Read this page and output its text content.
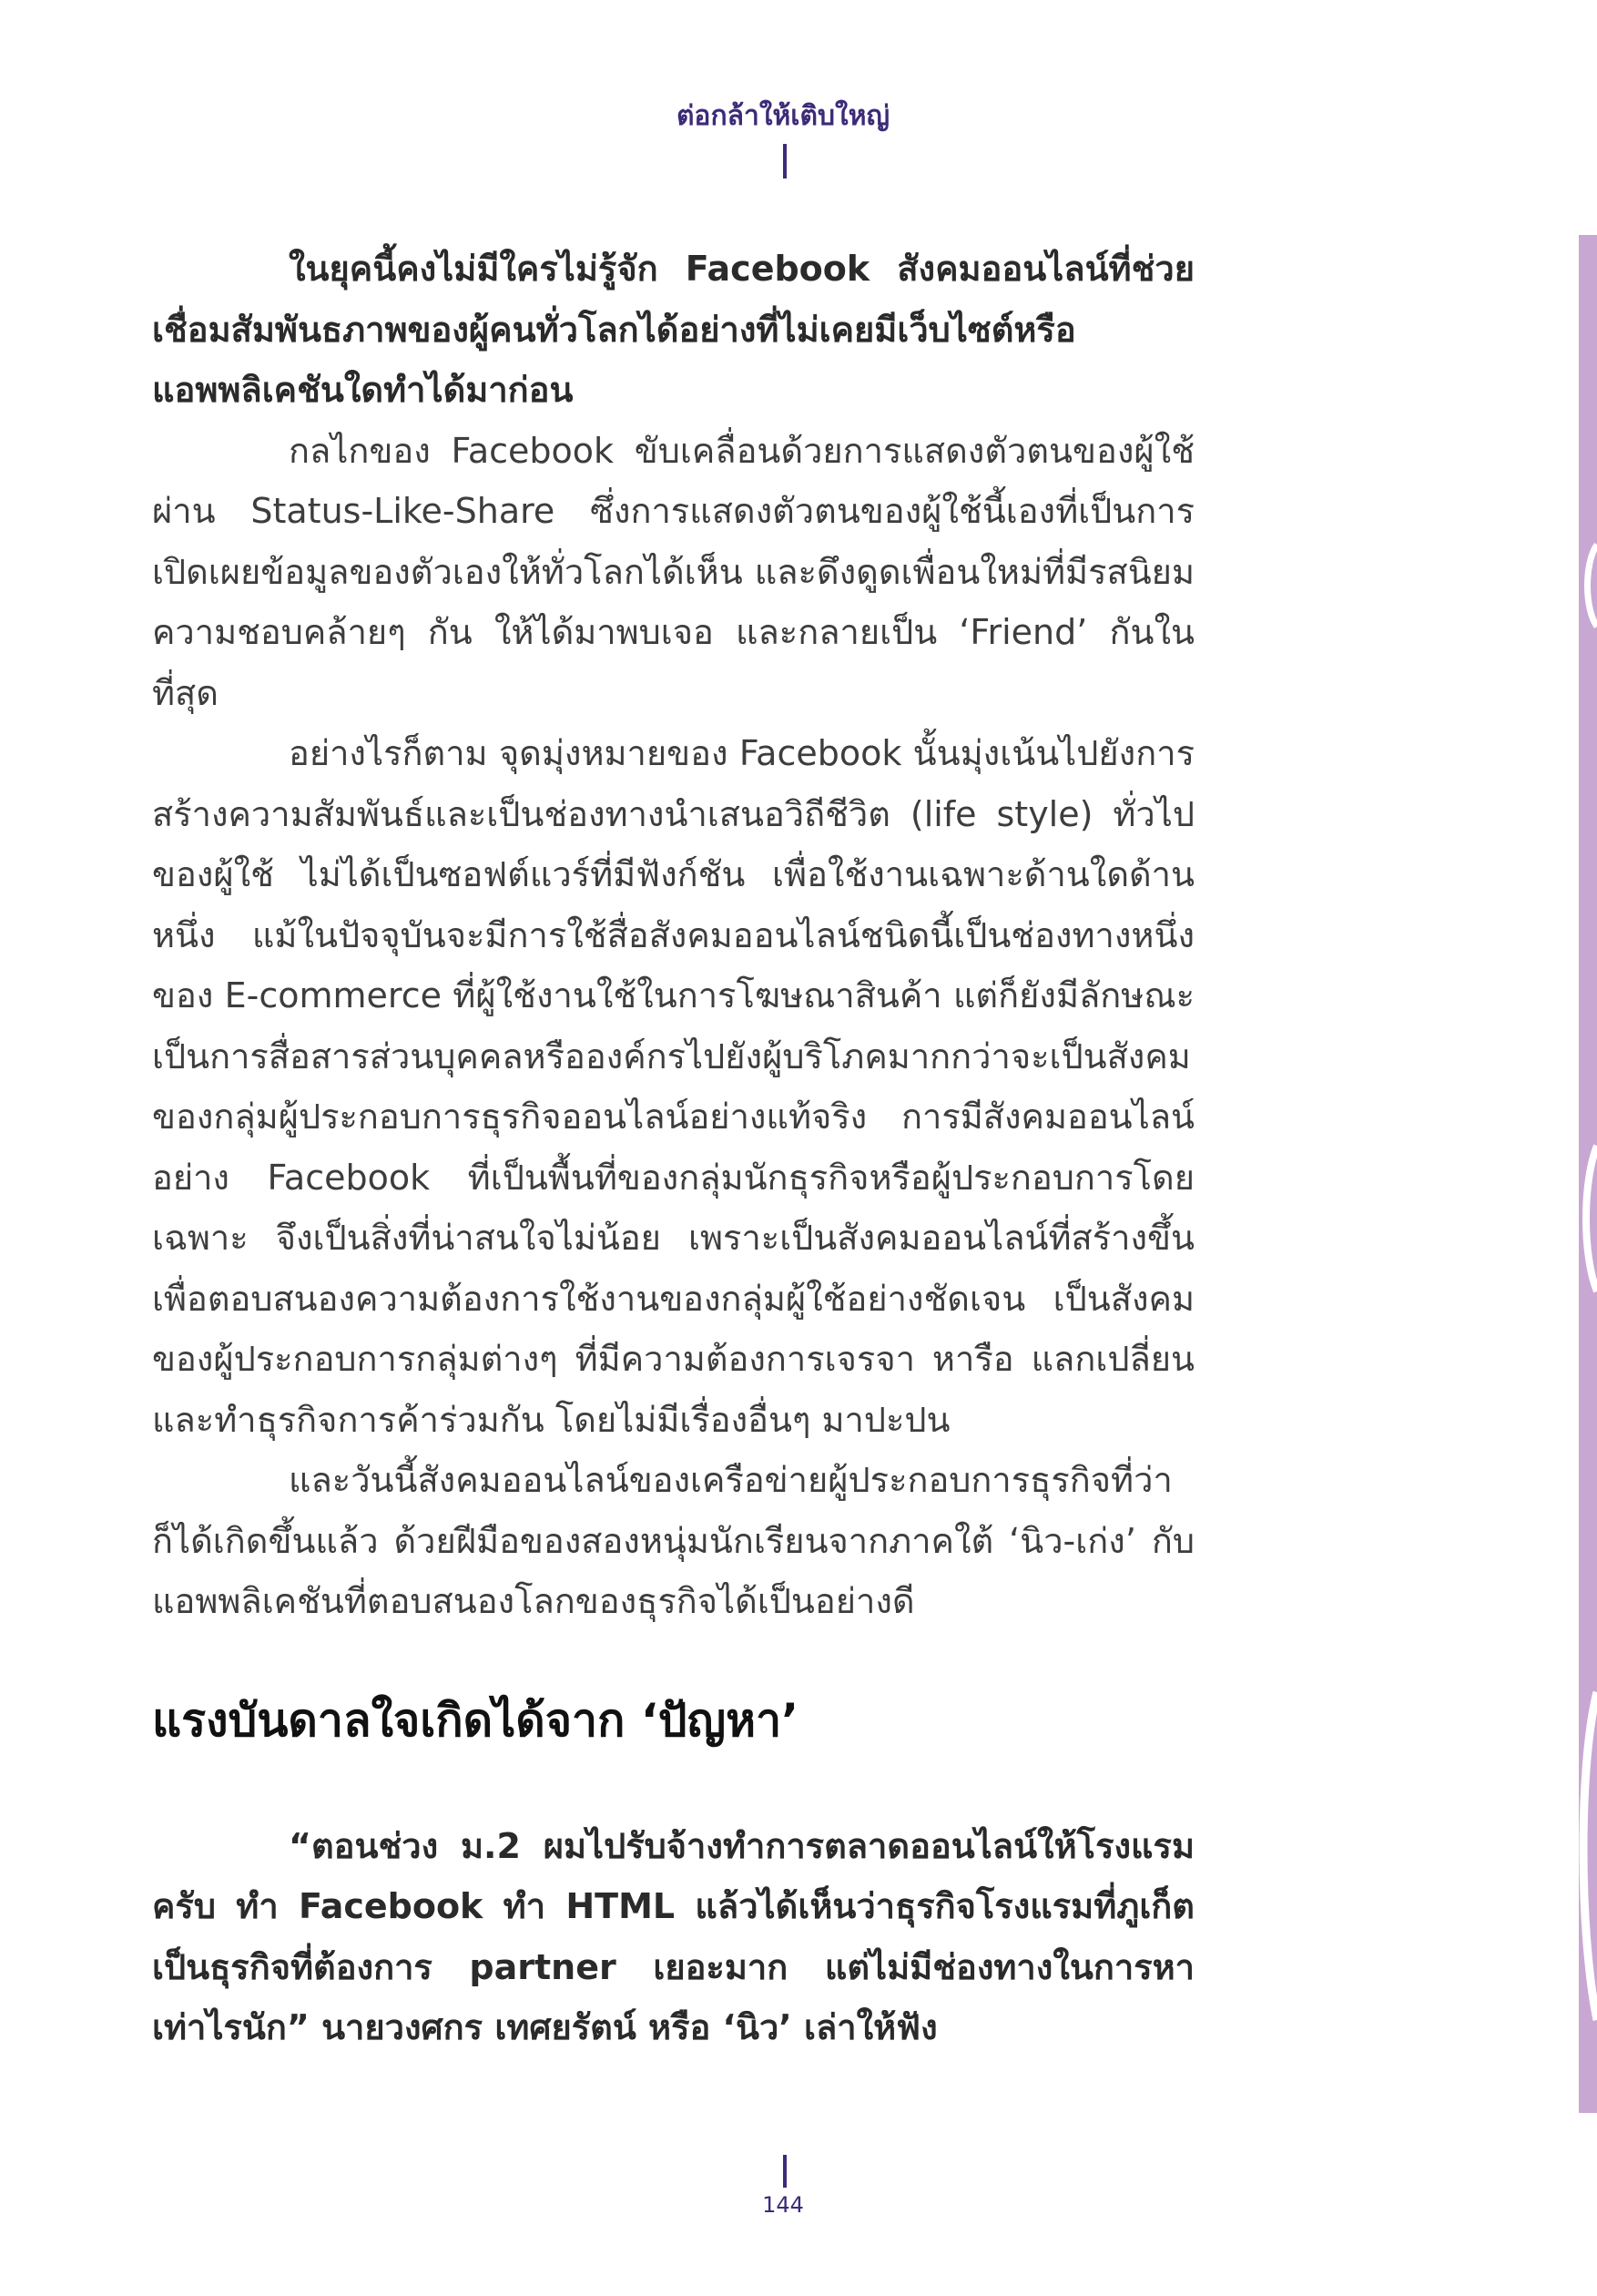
ต่อกล้าให้เติบใหญ่

ในยุคนี้คงไม่มีใครไม่รู้จัก Facebook สังคมออนไลน์ที่ช่วยเชื่อมสัมพันธภาพของผู้คนทั่วโลกได้อย่างที่ไม่เคยมีเว็บไซต์หรือแอพพลิเคชันใดทำได้มาก่อน

กลไกของ Facebook ขับเคลื่อนด้วยการแสดงตัวตนของผู้ใช้ผ่าน Status-Like-Share ซึ่งการแสดงตัวตนของผู้ใช้นี้เองที่เป็นการเปิดเผยข้อมูลของตัวเองให้ทั่วโลกได้เห็น และดึงดูดเพื่อนใหม่ที่มีรสนิยมความชอบคล้ายๆ กัน ให้ได้มาพบเจอ และกลายเป็น ‘Friend’ กันในที่สุด

อย่างไรก็ตาม จุดมุ่งหมายของ Facebook นั้นมุ่งเน้นไปยังการสร้างความสัมพันธ์และเป็นช่องทางนำเสนอวิถีชีวิต (life style) ทั่วไปของผู้ใช้ ไม่ได้เป็นซอฟต์แวร์ที่มีฟังก์ชัน เพื่อใช้งานเฉพาะด้านใดด้านหนึ่ง แม้ในปัจจุบันจะมีการใช้สื่อสังคมออนไลน์ชนิดนี้เป็นช่องทางหนึ่งของ E-commerce ที่ผู้ใช้งานใช้ในการโฆษณาสินค้า แต่ก็ยังมีลักษณะเป็นการสื่อสารส่วนบุคคลหรือองค์กรไปยังผู้บริโภคมากกว่าจะเป็นสังคมของกลุ่มผู้ประกอบการธุรกิจออนไลน์อย่างแท้จริง การมีสังคมออนไลน์อย่าง Facebook ที่เป็นพื้นที่ของกลุ่มนักธุรกิจหรือผู้ประกอบการโดยเฉพาะ จึงเป็นสิ่งที่น่าสนใจไม่น้อย เพราะเป็นสังคมออนไลน์ที่สร้างขึ้นเพื่อตอบสนองความต้องการใช้งานของกลุ่มผู้ใช้อย่างชัดเจน เป็นสังคมของผู้ประกอบการกลุ่มต่างๆ ที่มีความต้องการเจรจา หารือ แลกเปลี่ยน และทำธุรกิจการค้าร่วมกัน โดยไม่มีเรื่องอื่นๆ มาปะปน

และวันนี้สังคมออนไลน์ของเครือข่ายผู้ประกอบการธุรกิจที่ว่าก็ได้เกิดขึ้นแล้ว ด้วยฝีมือของสองหนุ่มนักเรียนจากภาคใต้ ‘นิว-เก่ง’ กับแอพพลิเคชันที่ตอบสนองโลกของธุรกิจได้เป็นอย่างดี

แรงบันดาลใจเกิดได้จาก ‘ปัญหา’

“ตอนช่วง ม.2 ผมไปรับจ้างทำการตลาดออนไลน์ให้โรงแรมครับ ทำ Facebook ทำ HTML แล้วได้เห็นว่าธุรกิจโรงแรมที่ภูเก็ตเป็นธุรกิจที่ต้องการ partner เยอะมาก แต่ไม่มีช่องทางในการหาเท่าไรนัก” นายวงศกร เทศยรัตน์ หรือ ‘นิว’ เล่าให้ฟัง

144
